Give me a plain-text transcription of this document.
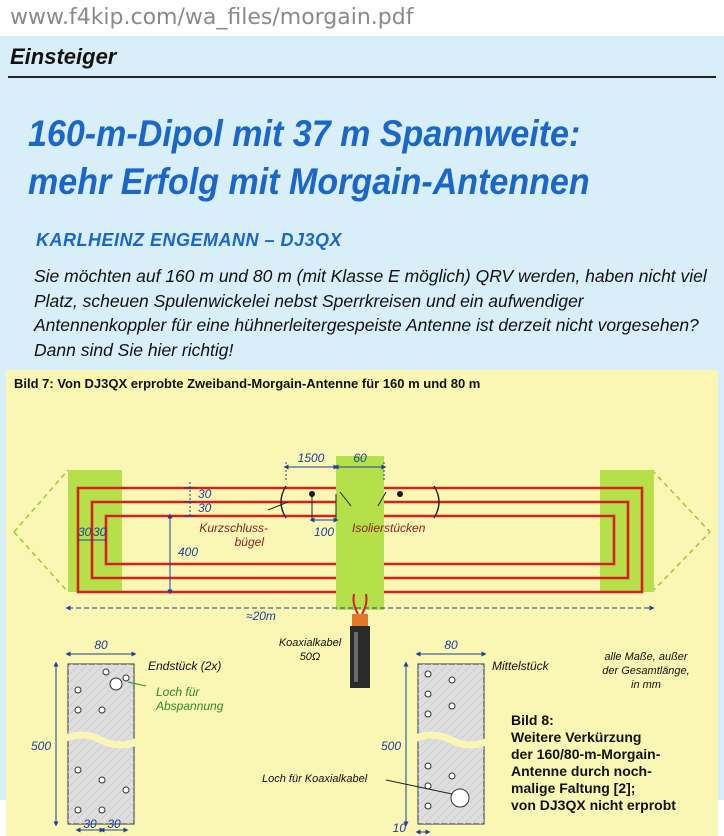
www.f4kip.com/wa_files/morgain.pdf
Einsteiger
160-m-Dipol mit 37 m Spannweite:
mehr Erfolg mit Morgain-Antennen
KARLHEINZ ENGEMANN – DJ3QX
Sie möchten auf 160 m und 80 m (mit Klasse E möglich) QRV werden, haben nicht viel Platz, scheuen Spulenwickelei nebst Sperrkreisen und ein aufwendiger Antennenkoppler für eine hühnerleitergespeiste Antenne ist derzeit nicht vorgesehen? Dann sind Sie hier richtig!
Bild 7: Von DJ3QX erprobte Zweiband-Morgain-Antenne für 160 m und 80 m
1500 60
30
30
400
30 30	100
≈20m
Kurzschluss-
bügel
Isolierstücken
Koaxialkabel
50Ω
80
500
30 30
Endstück (2x)
Loch für
Abspannung
80
500
10
Mittelstück
Loch für Koaxialkabel
alle Maße, außer
der Gesamtlänge,
in mm
Bild 8:
Weitere Verkürzung
der 160/80-m-Morgain-
Antenne durch noch-
malige Faltung [2];
von DJ3QX nicht erprobt
